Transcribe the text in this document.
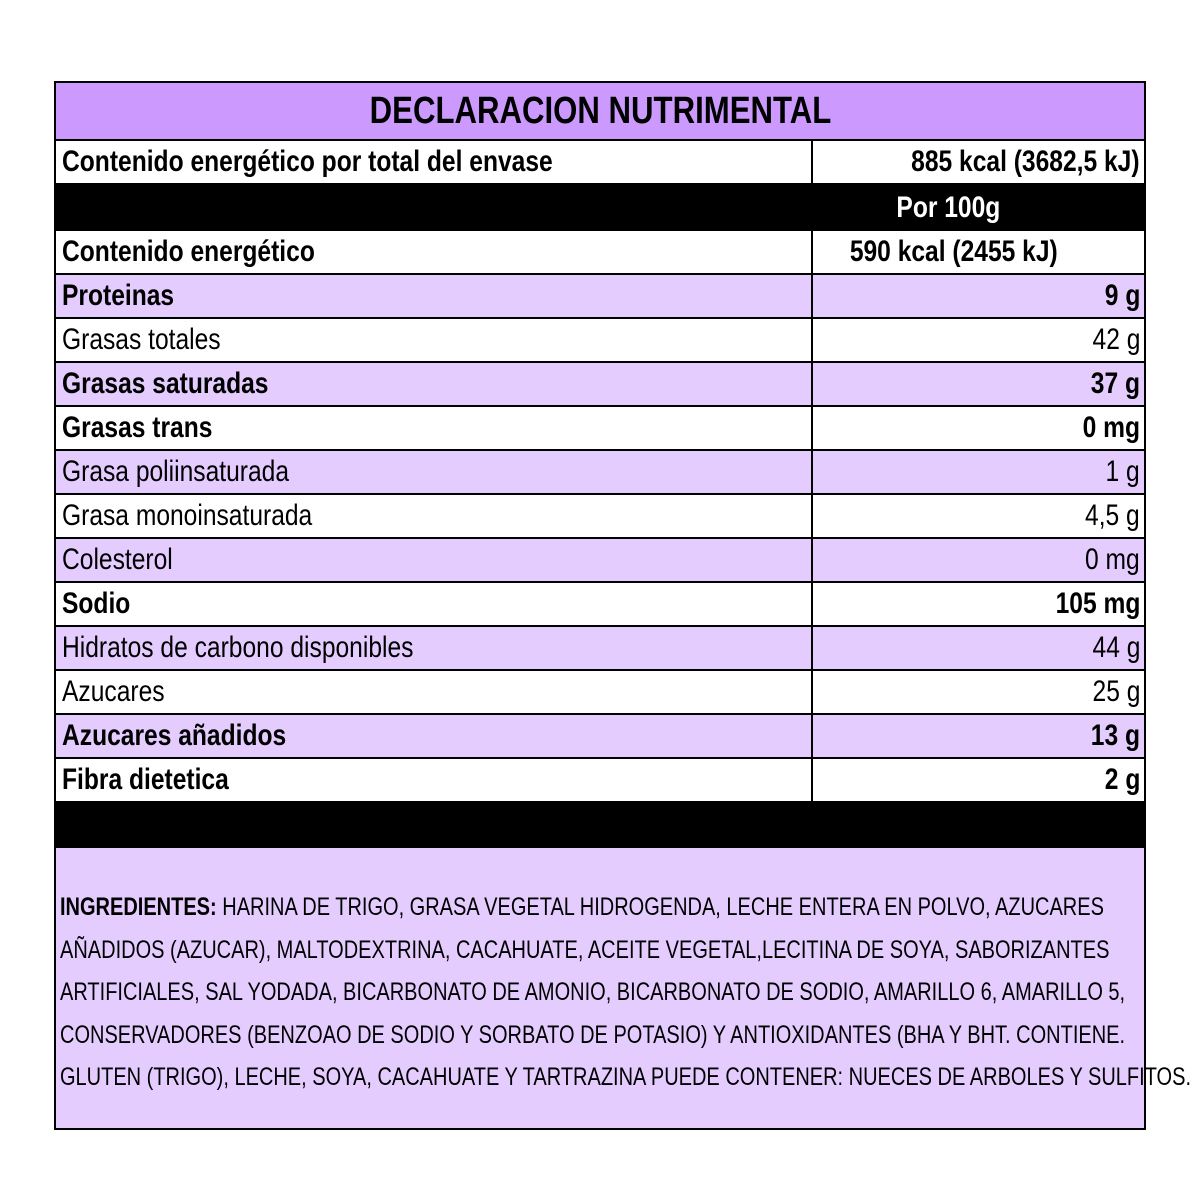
DECLARACION NUTRIMENTAL
Contenido energético por total del envase	885 kcal (3682,5 kJ)
Por 100g
Contenido energético	590 kcal (2455 kJ)
Proteinas	9 g
Grasas totales	42 g
Grasas saturadas	37 g
Grasas trans	0 mg
Grasa poliinsaturada	1 g
Grasa monoinsaturada	4,5 g
Colesterol	0 mg
Sodio	105 mg
Hidratos de carbono disponibles	44 g
Azucares	25 g
Azucares añadidos	13 g
Fibra dietetica	2 g

INGREDIENTES: HARINA DE TRIGO, GRASA VEGETAL HIDROGENDA, LECHE ENTERA EN POLVO, AZUCARES

AÑADIDOS (AZUCAR), MALTODEXTRINA, CACAHUATE, ACEITE VEGETAL,LECITINA DE SOYA, SABORIZANTES

ARTIFICIALES, SAL YODADA, BICARBONATO DE AMONIO, BICARBONATO DE SODIO, AMARILLO 6, AMARILLO 5,

CONSERVADORES (BENZOAO DE SODIO Y SORBATO DE POTASIO) Y ANTIOXIDANTES (BHA Y BHT. CONTIENE.

GLUTEN (TRIGO), LECHE, SOYA, CACAHUATE Y TARTRAZINA PUEDE CONTENER: NUECES DE ARBOLES Y SULFITOS.
